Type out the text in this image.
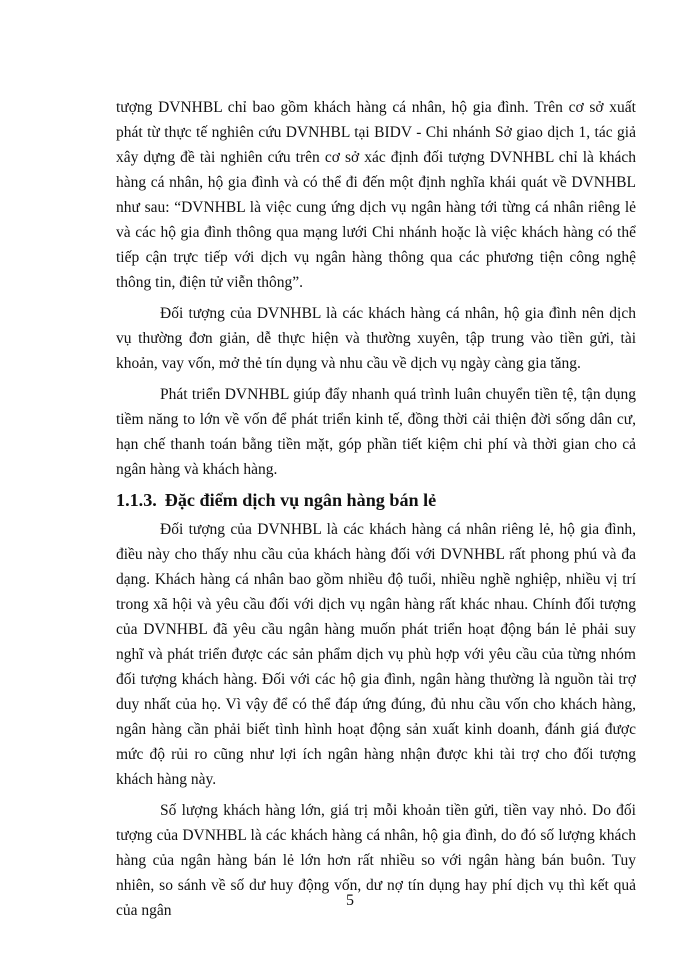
tượng DVNHBL chỉ bao gồm khách hàng cá nhân, hộ gia đình. Trên cơ sở xuất phát từ thực tế nghiên cứu DVNHBL tại BIDV - Chi nhánh Sở giao dịch 1, tác giả xây dựng đề tài nghiên cứu trên cơ sở xác định đối tượng DVNHBL chỉ là khách hàng cá nhân, hộ gia đình và có thể đi đến một định nghĩa khái quát về DVNHBL như sau: “DVNHBL là việc cung ứng dịch vụ ngân hàng tới từng cá nhân riêng lẻ và các hộ gia đình thông qua mạng lưới Chi nhánh hoặc là việc khách hàng có thể tiếp cận trực tiếp với dịch vụ ngân hàng thông qua các phương tiện công nghệ thông tin, điện tử viễn thông”.

Đối tượng của DVNHBL là các khách hàng cá nhân, hộ gia đình nên dịch vụ thường đơn giản, dễ thực hiện và thường xuyên, tập trung vào tiền gửi, tài khoản, vay vốn, mở thẻ tín dụng và nhu cầu về dịch vụ ngày càng gia tăng.

Phát triển DVNHBL giúp đẩy nhanh quá trình luân chuyển tiền tệ, tận dụng tiềm năng to lớn về vốn để phát triển kinh tế, đồng thời cải thiện đời sống dân cư, hạn chế thanh toán bằng tiền mặt, góp phần tiết kiệm chi phí và thời gian cho cả ngân hàng và khách hàng.

1.1.3. Đặc điểm dịch vụ ngân hàng bán lẻ

Đối tượng của DVNHBL là các khách hàng cá nhân riêng lẻ, hộ gia đình, điều này cho thấy nhu cầu của khách hàng đối với DVNHBL rất phong phú và đa dạng. Khách hàng cá nhân bao gồm nhiều độ tuổi, nhiều nghề nghiệp, nhiều vị trí trong xã hội và yêu cầu đối với dịch vụ ngân hàng rất khác nhau. Chính đối tượng của DVNHBL đã yêu cầu ngân hàng muốn phát triển hoạt động bán lẻ phải suy nghĩ và phát triển được các sản phẩm dịch vụ phù hợp với yêu cầu của từng nhóm đối tượng khách hàng. Đối với các hộ gia đình, ngân hàng thường là nguồn tài trợ duy nhất của họ. Vì vậy để có thể đáp ứng đúng, đủ nhu cầu vốn cho khách hàng, ngân hàng cần phải biết tình hình hoạt động sản xuất kinh doanh, đánh giá được mức độ rủi ro cũng như lợi ích ngân hàng nhận được khi tài trợ cho đối tượng khách hàng này.

Số lượng khách hàng lớn, giá trị mỗi khoản tiền gửi, tiền vay nhỏ. Do đối tượng của DVNHBL là các khách hàng cá nhân, hộ gia đình, do đó số lượng khách hàng của ngân hàng bán lẻ lớn hơn rất nhiều so với ngân hàng bán buôn. Tuy nhiên, so sánh về số dư huy động vốn, dư nợ tín dụng hay phí dịch vụ thì kết quả của ngân

5
